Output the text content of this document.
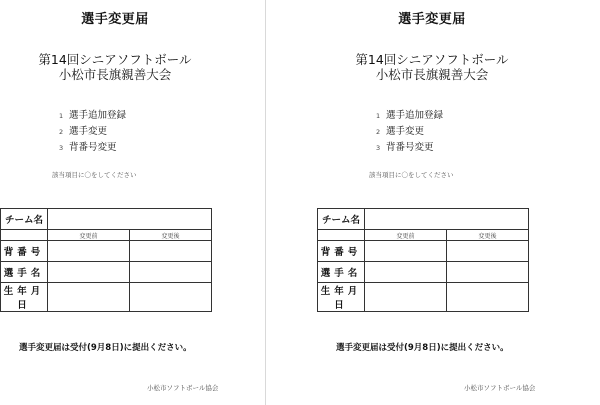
選手変更届
第14回シニアソフトボール
小松市長旗親善大会
1 選手追加登録
2 選手変更
3 背番号変更
該当項目に〇をしてください
チーム名		
	変更前	変更後
背番号		
選手名		
生年月日		
選手変更届は受付(9月8日)に提出ください。
小松市ソフトボール協会
選手変更届
第14回シニアソフトボール
小松市長旗親善大会
1 選手追加登録
2 選手変更
3 背番号変更
該当項目に〇をしてください
チーム名		
	変更前	変更後
背番号		
選手名		
生年月日		
選手変更届は受付(9月8日)に提出ください。
小松市ソフトボール協会
